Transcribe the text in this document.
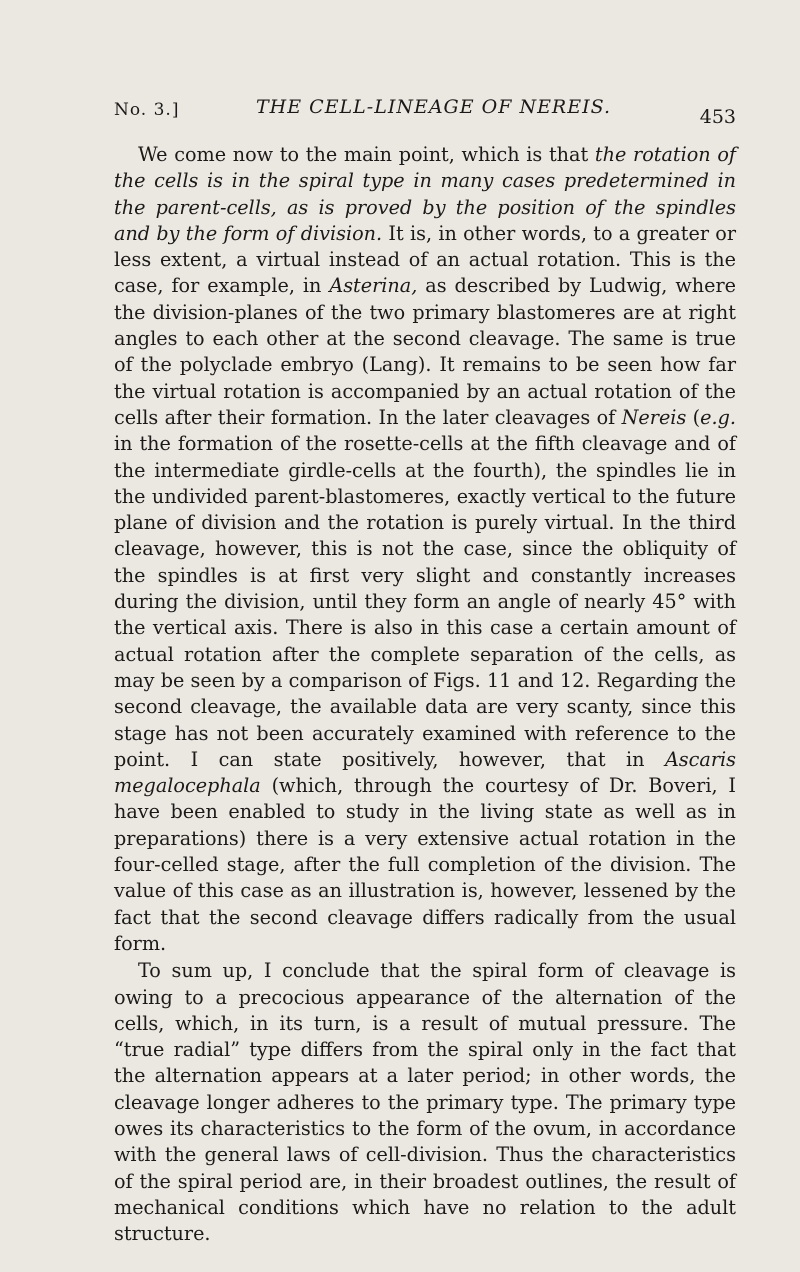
No. 3.]	THE CELL-LINEAGE OF NEREIS.	453

We come now to the main point, which is that the rotation of the cells is in the spiral type in many cases predetermined in the parent-cells, as is proved by the position of the spindles and by the form of division. It is, in other words, to a greater or less extent, a virtual instead of an actual rotation. This is the case, for example, in Asterina, as described by Ludwig, where the division-planes of the two primary blastomeres are at right angles to each other at the second cleavage. The same is true of the polyclade embryo (Lang). It remains to be seen how far the virtual rotation is accompanied by an actual rotation of the cells after their formation. In the later cleavages of Nereis (e.g. in the formation of the rosette-cells at the fifth cleavage and of the intermediate girdle-cells at the fourth), the spindles lie in the undivided parent-blastomeres, exactly vertical to the future plane of division and the rotation is purely virtual. In the third cleavage, however, this is not the case, since the obliquity of the spindles is at first very slight and constantly increases during the division, until they form an angle of nearly 45° with the vertical axis. There is also in this case a certain amount of actual rotation after the complete separation of the cells, as may be seen by a comparison of Figs. 11 and 12. Regarding the second cleavage, the available data are very scanty, since this stage has not been accurately examined with reference to the point. I can state positively, however, that in Ascaris megalocephala (which, through the courtesy of Dr. Boveri, I have been enabled to study in the living state as well as in preparations) there is a very extensive actual rotation in the four-celled stage, after the full completion of the division. The value of this case as an illustration is, however, lessened by the fact that the second cleavage differs radically from the usual form.

To sum up, I conclude that the spiral form of cleavage is owing to a precocious appearance of the alternation of the cells, which, in its turn, is a result of mutual pressure. The “true radial” type differs from the spiral only in the fact that the alternation appears at a later period; in other words, the cleavage longer adheres to the primary type. The primary type owes its characteristics to the form of the ovum, in accordance with the general laws of cell-division. Thus the characteristics of the spiral period are, in their broadest outlines, the result of mechanical conditions which have no relation to the adult structure.
